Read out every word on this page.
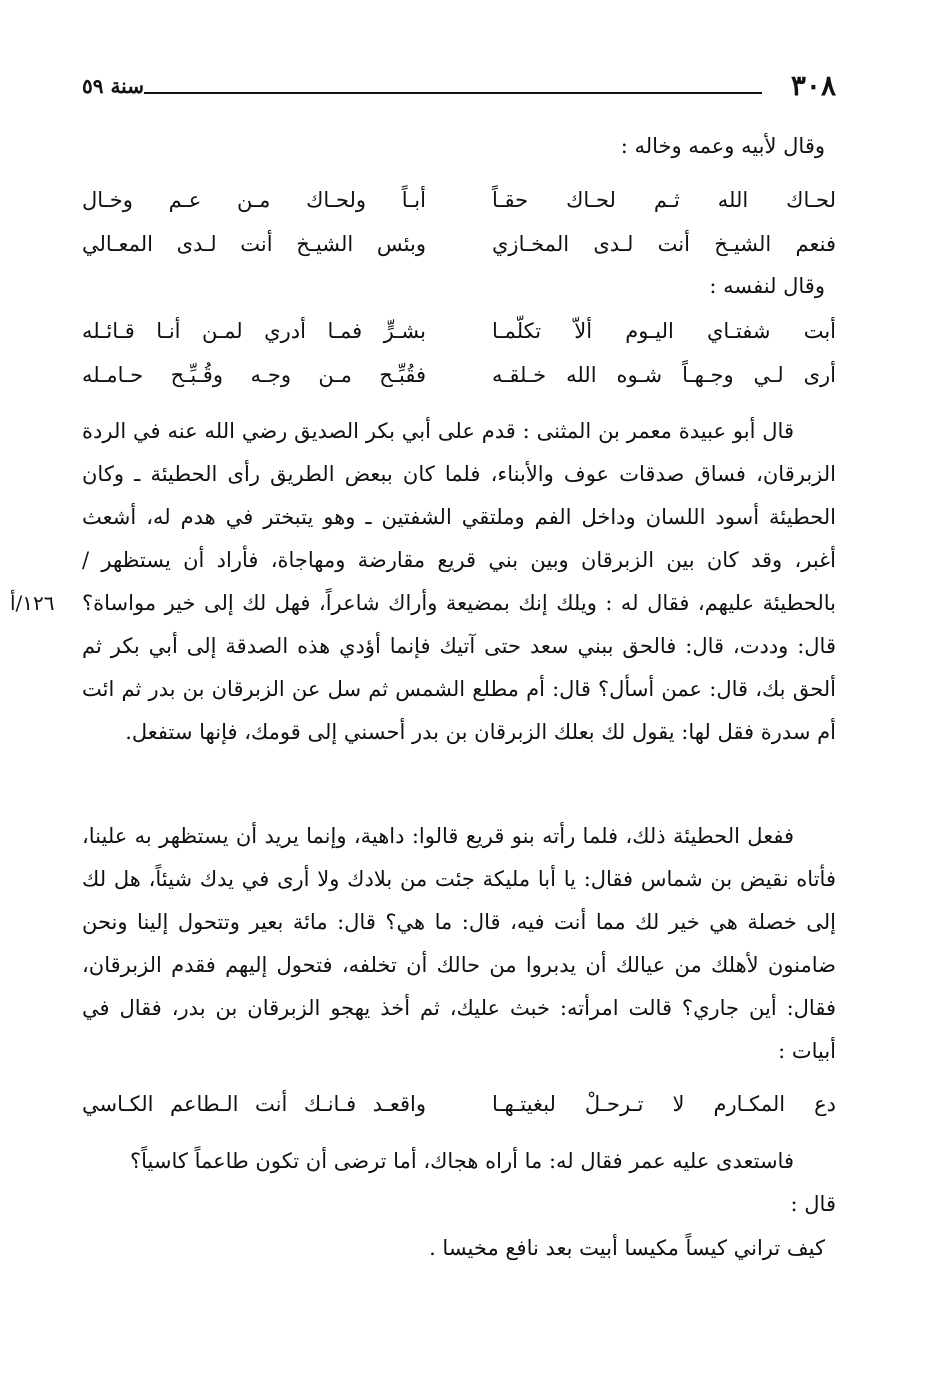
٣٠٨
سنة ٥٩
وقال لأبيه وعمه وخاله :
لحـاك الله ثـم لحـاك حقـاً
أبـاً ولحـاك مـن عـم وخـال
فنعم الشيـخ أنت لـدى المخـازي
وبئس الشيـخ أنت لـدى المعـالي
وقال لنفسه :
أبت شفتـاي اليـوم ألاّ تكلّمـا
بشـرٍّ فمـا أدري لمـن أنـا قـائـله
أرى لـي وجـهـاً شـوه الله خـلقـه
فقُبِّـح مـن وجـه وقُـبِّـح حـامـله

قال أبو عبيدة معمر بن المثنى : قدم على أبي بكر الصديق رضي الله عنه في الردة الزبرقان، فساق صدقات عوف والأبناء، فلما كان ببعض الطريق رأى الحطيئة ـ وكان الحطيئة أسود اللسان وداخل الفم وملتقي الشفتين ـ وهو يتبختر في هدم له، أشعث أغبر، وقد كان بين الزبرقان وبين بني قريع مقارضة ومهاجاة، فأراد أن يستظهر / بالحطيئة عليهم، فقال له : ويلك إنك بمضيعة وأراك شاعراً، فهل لك إلى خير مواساة؟ قال: وددت، قال: فالحق ببني سعد حتى آتيك فإنما أؤدي هذه الصدقة إلى أبي بكر ثم ألحق بك، قال: عمن أسأل؟ قال: أم مطلع الشمس ثم سل عن الزبرقان بن بدر ثم ائت أم سدرة فقل لها: يقول لك بعلك الزبرقان بن بدر أحسني إلى قومك، فإنها ستفعل.

١٢٦/أ

ففعل الحطيئة ذلك، فلما رأته بنو قريع قالوا: داهية، وإنما يريد أن يستظهر به علينا، فأتاه نقيض بن شماس فقال: يا أبا مليكة جئت من بلادك ولا أرى في يدك شيئاً، هل لك إلى خصلة هي خير لك مما أنت فيه، قال: ما هي؟ قال: مائة بعير وتتحول إلينا ونحن ضامنون لأهلك من عيالك أن يدبروا من حالك أن تخلفه، فتحول إليهم فقدم الزبرقان، فقال: أين جاري؟ قالت امرأته: خبث عليك، ثم أخذ يهجو الزبرقان بن بدر، فقال في أبيات :

دع المكـارم لا تـرحـلْ لبغيتـهـا
واقعـد فـانـك أنت الـطاعم الكـاسي

فاستعدى عليه عمر فقال له: ما أراه هجاك، أما ترضى أن تكون طاعماً كاسياً؟

قال :
كيف تراني كيساً مكيسا أبيت بعد نافع مخيسا .
